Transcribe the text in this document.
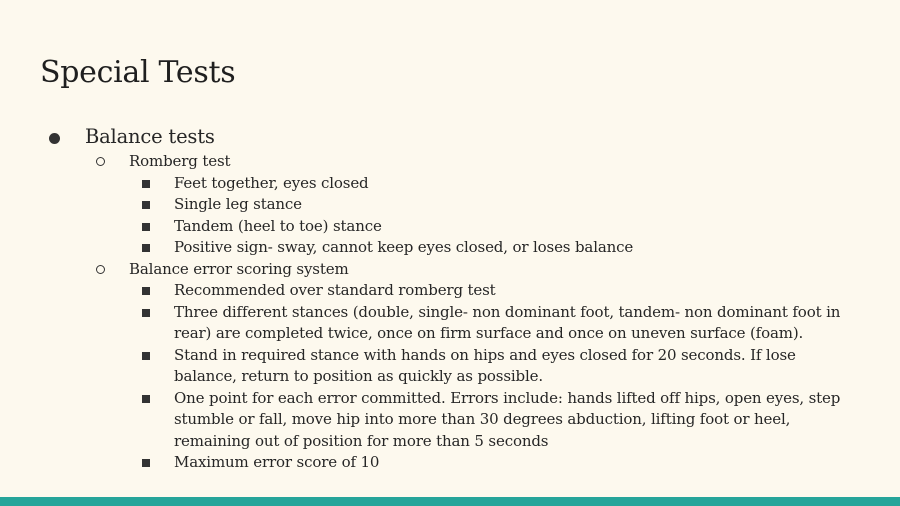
Special Tests
Balance tests
Romberg test
Feet together, eyes closed
Single leg stance
Tandem (heel to toe) stance
Positive sign- sway, cannot keep eyes closed, or loses balance
Balance error scoring system
Recommended over standard romberg test
Three different stances (double, single- non dominant foot, tandem- non dominant foot in rear) are completed twice, once on firm surface and once on uneven surface (foam).
Stand in required stance with hands on hips and eyes closed for 20 seconds. If lose balance, return to position as quickly as possible.
One point for each error committed. Errors include: hands lifted off hips, open eyes, step stumble or fall, move hip into more than 30 degrees abduction, lifting foot or heel, remaining out of position for more than 5 seconds
Maximum error score of 10
